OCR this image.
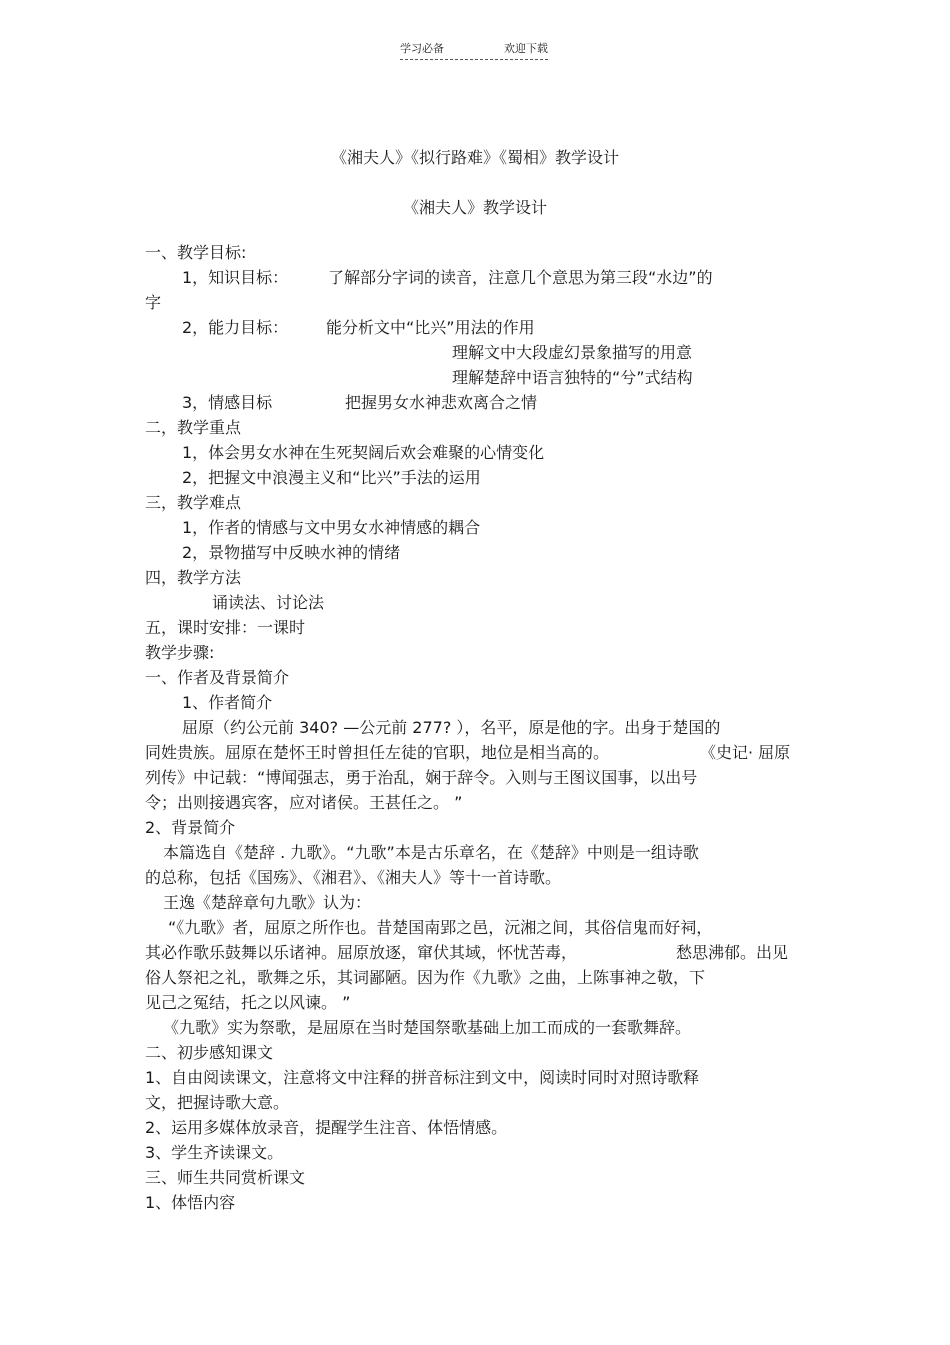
学习必备	欢迎下载
《湘夫人》《拟行路难》《蜀相》教学设计
《湘夫人》教学设计
一、教学目标:
1，知识目标： 了解部分字词的读音，注意几个意思为第三段“水边”的
字
2，能力目标： 能分析文中“比兴”用法的作用
理解文中大段虚幻景象描写的用意
理解楚辞中语言独特的“兮”式结构
3，情感目标	把握男女水神悲欢离合之情
二，教学重点
1，体会男女水神在生死契阔后欢会难聚的心情变化
2，把握文中浪漫主义和“比兴”手法的运用
三，教学难点
1，作者的情感与文中男女水神情感的耦合
2，景物描写中反映水神的情绪
四，教学方法
诵读法、讨论法
五，课时安排：一课时
教学步骤:
一、作者及背景简介
1、作者简介
屈原（约公元前 340? —公元前 277? ），名平，原是他的字。出身于楚国的
同姓贵族。屈原在楚怀王时曾担任左徒的官职，地位是相当高的。	《史记· 屈原
列传》中记载：“博闻强志，勇于治乱，娴于辞令。入则与王图议国事，以出号
令；出则接遇宾客，应对诸侯。王甚任之。 ”
2、背景简介
本篇选自《楚辞 . 九歌》。“九歌”本是古乐章名，在《楚辞》中则是一组诗歌
的总称，包括《国殇》、《湘君》、《湘夫人》等十一首诗歌。
王逸《楚辞章句九歌》认为：
“《九歌》者，屈原之所作也。昔楚国南郢之邑，沅湘之间，其俗信鬼而好祠，
其必作歌乐鼓舞以乐诸神。屈原放逐，窜伏其域，怀忧苦毒，	愁思沸郁。出见
俗人祭祀之礼，歌舞之乐，其词鄙陋。因为作《九歌》之曲，上陈事神之敬，下
见己之冤结，托之以风谏。 ”
《九歌》实为祭歌，是屈原在当时楚国祭歌基础上加工而成的一套歌舞辞。
二、初步感知课文
1、自由阅读课文，注意将文中注释的拼音标注到文中，阅读时同时对照诗歌释
文，把握诗歌大意。
2、运用多媒体放录音，提醒学生注音、体悟情感。
3、学生齐读课文。
三、师生共同赏析课文
1、体悟内容
